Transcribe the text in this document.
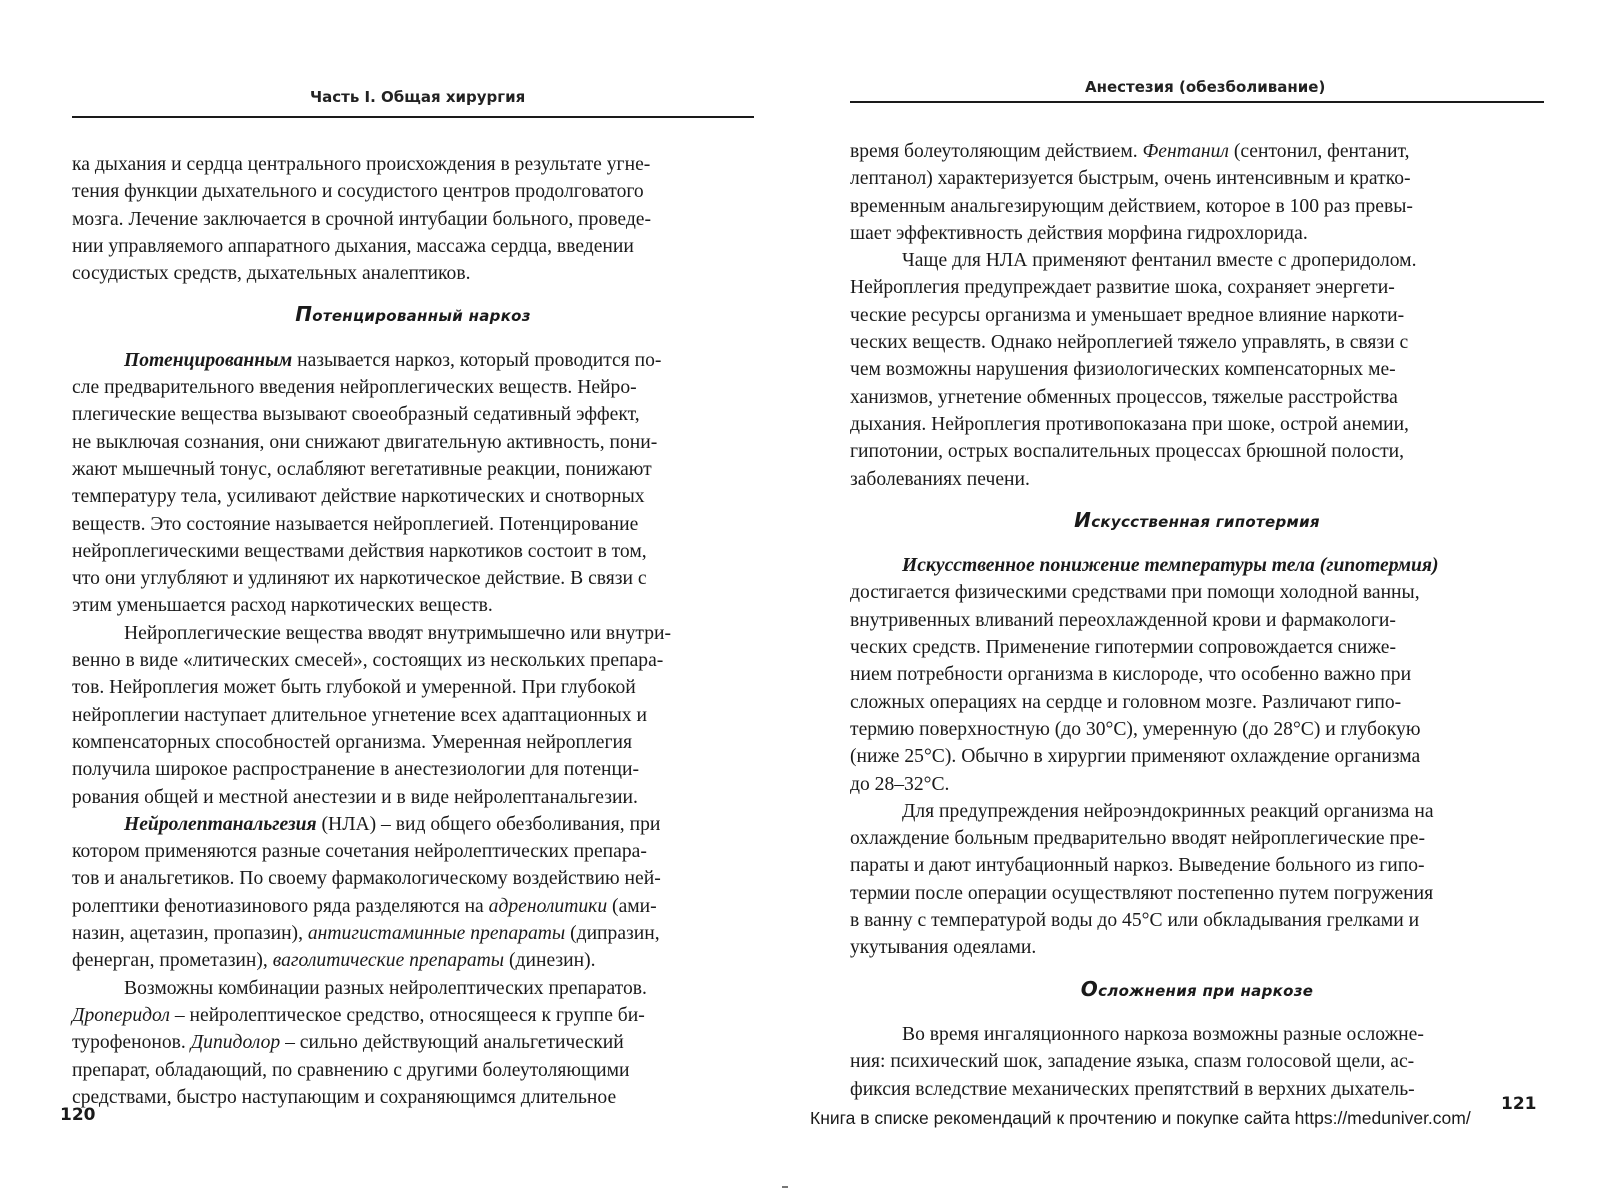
Часть I. Общая хирургия

ка дыхания и сердца центрального происхождения в результате угне-
тения функции дыхательного и сосудистого центров продолговатого
мозга. Лечение заключается в срочной интубации больного, проведе-
нии управляемого аппаратного дыхания, массажа сердца, введении
сосудистых средств, дыхательных аналептиков.

Потенцированный наркоз

Потенцированным называется наркоз, который проводится по-

сле предварительного введения нейроплегических веществ. Нейро-
плегические вещества вызывают своеобразный седативный эффект,
не выключая сознания, они снижают двигательную активность, пони-
жают мышечный тонус, ослабляют вегетативные реакции, понижают
температуру тела, усиливают действие наркотических и снотворных
веществ. Это состояние называется нейроплегией. Потенцирование
нейроплегическими веществами действия наркотиков состоит в том,
что они углубляют и удлиняют их наркотическое действие. В связи с
этим уменьшается расход наркотических веществ.

Нейроплегические вещества вводят внутримышечно или внутри-

венно в виде «литических смесей», состоящих из нескольких препара-
тов. Нейроплегия может быть глубокой и умеренной. При глубокой
нейроплегии наступает длительное угнетение всех адаптационных и
компенсаторных способностей организма. Умеренная нейроплегия
получила широкое распространение в анестезиологии для потенци-
рования общей и местной анестезии и в виде нейролептанальгезии.

Нейролептанальгезия (НЛА) – вид общего обезболивания, при

котором применяются разные сочетания нейролептических препара-
тов и анальгетиков. По своему фармакологическому воздействию ней-
ролептики фенотиазинового ряда разделяются на адренолитики (ами-
назин, ацетазин, пропазин), антигистаминные препараты (дипразин,
фенерган, прометазин), ваголитические препараты (динезин).

Возможны комбинации разных нейролептических препаратов.

Дроперидол – нейролептическое средство, относящееся к группе би-
турофенонов. Дипидолор – сильно действующий анальгетический
препарат, обладающий, по сравнению с другими болеутоляющими
средствами, быстро наступающим и сохраняющимся длительное

120
Анестезия (обезболивание)

время болеутоляющим действием. Фентанил (сентонил, фентанит,
лептанол) характеризуется быстрым, очень интенсивным и кратко-
временным анальгезирующим действием, которое в 100 раз превы-
шает эффективность действия морфина гидрохлорида.

Чаще для НЛА применяют фентанил вместе с дроперидолом.

Нейроплегия предупреждает развитие шока, сохраняет энергети-
ческие ресурсы организма и уменьшает вредное влияние наркоти-
ческих веществ. Однако нейроплегией тяжело управлять, в связи с
чем возможны нарушения физиологических компенсаторных ме-
ханизмов, угнетение обменных процессов, тяжелые расстройства
дыхания. Нейроплегия противопоказана при шоке, острой анемии,
гипотонии, острых воспалительных процессах брюшной полости,
заболеваниях печени.

Искусственная гипотермия

Искусственное понижение температуры тела (гипотермия)

достигается физическими средствами при помощи холодной ванны,
внутривенных вливаний переохлажденной крови и фармакологи-
ческих средств. Применение гипотермии сопровождается сниже-
нием потребности организма в кислороде, что особенно важно при
сложных операциях на сердце и головном мозге. Различают гипо-
термию поверхностную (до 30°С), умеренную (до 28°С) и глубокую
(ниже 25°С). Обычно в хирургии применяют охлаждение организма
до 28–32°С.

Для предупреждения нейроэндокринных реакций организма на

охлаждение больным предварительно вводят нейроплегические пре-
параты и дают интубационный наркоз. Выведение больного из гипо-
термии после операции осуществляют постепенно путем погружения
в ванну с температурой воды до 45°С или обкладывания грелками и
укутывания одеялами.

Осложнения при наркозе

Во время ингаляционного наркоза возможны разные осложне-

ния: психический шок, западение языка, спазм голосовой щели, ас-
фиксия вследствие механических препятствий в верхних дыхатель-

121
Книга в списке рекомендаций к прочтению и покупке сайта https://meduniver.com/
